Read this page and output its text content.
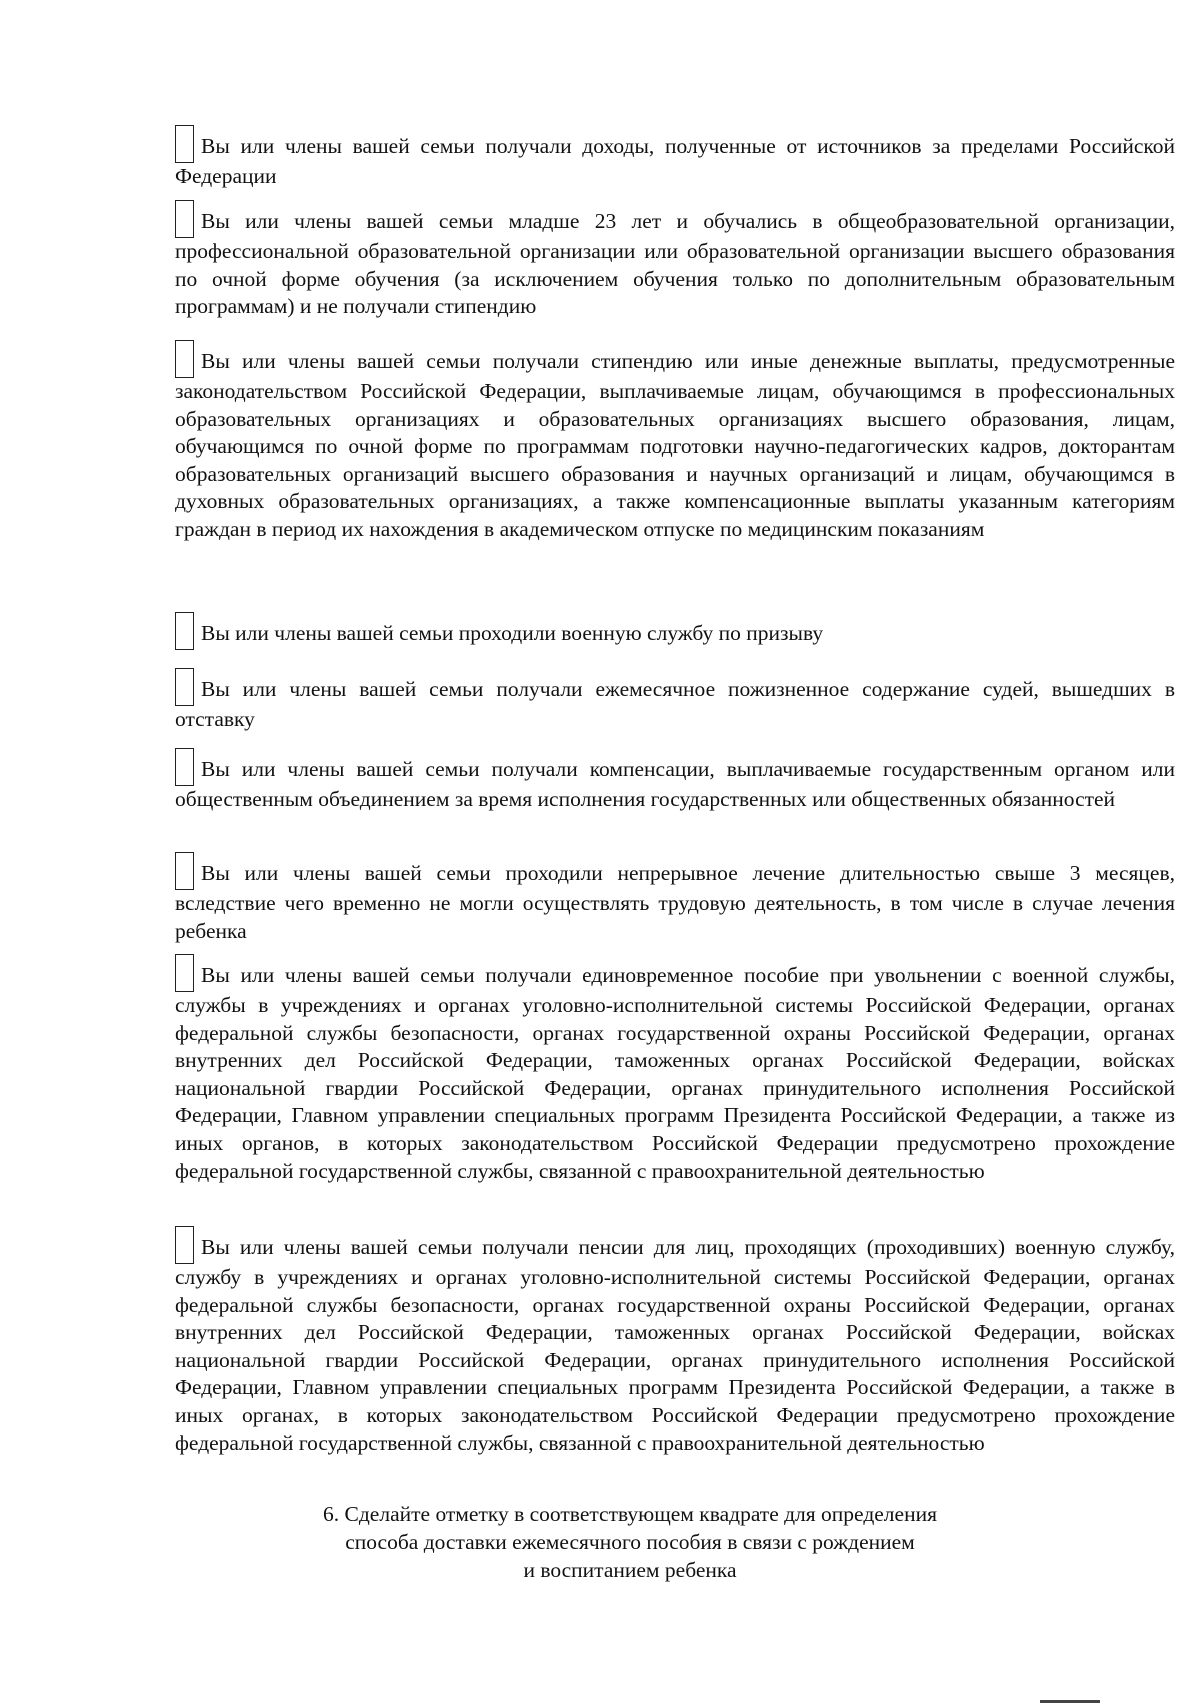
Вы или члены вашей семьи получали доходы, полученные от источников за пределами Российской Федерации
Вы или члены вашей семьи младше 23 лет и обучались в общеобразовательной организации, профессиональной образовательной организации или образовательной организации высшего образования по очной форме обучения (за исключением обучения только по дополнительным образовательным программам) и не получали стипендию
Вы или члены вашей семьи получали стипендию или иные денежные выплаты, предусмотренные законодательством Российской Федерации, выплачиваемые лицам, обучающимся в профессиональных образовательных организациях и образовательных организациях высшего образования, лицам, обучающимся по очной форме по программам подготовки научно-педагогических кадров, докторантам образовательных организаций высшего образования и научных организаций и лицам, обучающимся в духовных образовательных организациях, а также компенсационные выплаты указанным категориям граждан в период их нахождения в академическом отпуске по медицинским показаниям
Вы или члены вашей семьи проходили военную службу по призыву
Вы или члены вашей семьи получали ежемесячное пожизненное содержание судей, вышедших в отставку
Вы или члены вашей семьи получали компенсации, выплачиваемые государственным органом или общественным объединением за время исполнения государственных или общественных обязанностей
Вы или члены вашей семьи проходили непрерывное лечение длительностью свыше 3 месяцев, вследствие чего временно не могли осуществлять трудовую деятельность, в том числе в случае лечения ребенка
Вы или члены вашей семьи получали единовременное пособие при увольнении с военной службы, службы в учреждениях и органах уголовно-исполнительной системы Российской Федерации, органах федеральной службы безопасности, органах государственной охраны Российской Федерации, органах внутренних дел Российской Федерации, таможенных органах Российской Федерации, войсках национальной гвардии Российской Федерации, органах принудительного исполнения Российской Федерации, Главном управлении специальных программ Президента Российской Федерации, а также из иных органов, в которых законодательством Российской Федерации предусмотрено прохождение федеральной государственной службы, связанной с правоохранительной деятельностью
Вы или члены вашей семьи получали пенсии для лиц, проходящих (проходивших) военную службу, службу в учреждениях и органах уголовно-исполнительной системы Российской Федерации, органах федеральной службы безопасности, органах государственной охраны Российской Федерации, органах внутренних дел Российской Федерации, таможенных органах Российской Федерации, войсках национальной гвардии Российской Федерации, органах принудительного исполнения Российской Федерации, Главном управлении специальных программ Президента Российской Федерации, а также в иных органах, в которых законодательством Российской Федерации предусмотрено прохождение федеральной государственной службы, связанной с правоохранительной деятельностью
6. Сделайте отметку в соответствующем квадрате для определения
способа доставки ежемесячного пособия в связи с рождением
и воспитанием ребенка
